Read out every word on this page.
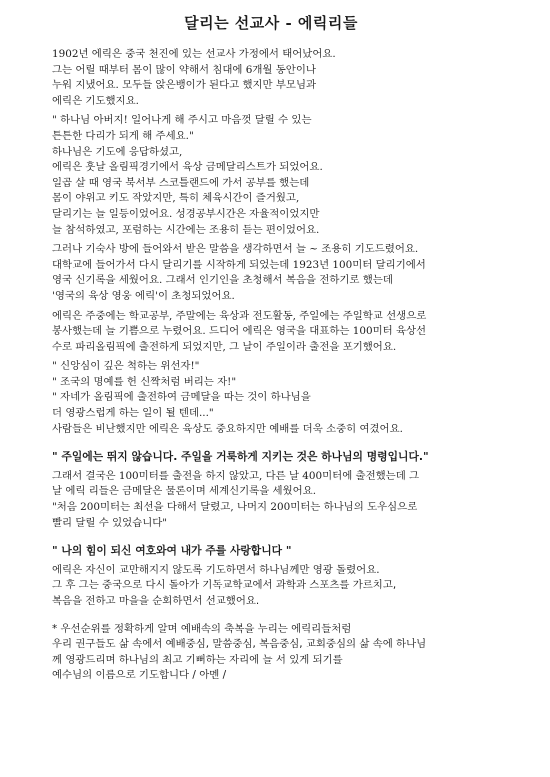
달리는 선교사 - 에릭리들
1902년 에릭은 중국 천진에 있는 선교사 가정에서 태어났어요.
그는 어릴 때부터 몸이 많이 약해서 침대에 6개월 동안이나
누워 지냈어요. 모두들 앉은뱅이가 된다고 했지만 부모님과
에릭은 기도했지요.
" 하나님 아버지! 일어나게 해 주시고 마음껏 달릴 수 있는
튼튼한 다리가 되게 해 주세요."
하나님은 기도에 응답하셨고,
에릭은 훗날 올림픽경기에서 육상 금메달리스트가 되었어요.
일곱 살 때 영국 북서부 스코틀랜드에 가서 공부를 했는데
몸이 야위고 키도 작았지만, 특히 체육시간이 즐거웠고,
달리기는 늘 일등이었어요. 성경공부시간은 자율적이었지만
늘 참석하였고, 포럼하는 시간에는 조용히 듣는 편이었어요.
그러나 기숙사 방에 들어와서 받은 말씀을 생각하면서 늘 ~ 조용히 기도드렸어요.
대학교에 들어가서 다시 달리기를 시작하게 되었는데 1923년 100미터 달리기에서
영국 신기록을 세웠어요. 그래서 인기인을 초청해서 복음을 전하기로 했는데
'영국의 육상 영웅 에릭'이 초청되었어요.
에릭은 주중에는 학교공부, 주말에는 육상과 전도활동, 주일에는 주일학교 선생으로
봉사했는데 늘 기쁨으로 누렸어요. 드디어 에릭은 영국을 대표하는 100미터 육상선
수로 파리올림픽에 출전하게 되었지만, 그 날이 주일이라 출전을 포기했어요.
" 신앙심이 깊은 척하는 위선자!"
" 조국의 명예를 헌 신짝처럼 버리는 자!"
" 자네가 올림픽에 출전하여 금메달을 따는 것이 하나님을
더 영광스럽게 하는 일이 될 텐데..."
사람들은 비난했지만 에릭은 육상도 중요하지만 예배를 더욱 소중히 여겼어요.
" 주일에는 뛰지 않습니다. 주일을 거룩하게 지키는 것은 하나님의 명령입니다."
그래서 결국은 100미터를 출전을 하지 않았고, 다른 날 400미터에 출전했는데 그
날 에릭 리들은 금메달은 물론이며 세계신기록을 세웠어요.
"처음 200미터는 최선을 다해서 달렸고, 나머지 200미터는 하나님의 도우심으로
빨리 달릴 수 있었습니다"
" 나의 힘이 되신 여호와여 내가 주를 사랑합니다 "
에릭은 자신이 교만해지지 않도록 기도하면서 하나님께만 영광 돌렸어요.
그 후 그는 중국으로 다시 돌아가 기독교학교에서 과학과 스포츠를 가르치고,
복음을 전하고 마을을 순회하면서 선교했어요.
* 우선순위를 정확하게 알며 예배속의 축복을 누리는 에릭리들처럼
우리 권구들도 삶 속에서 예배중심, 말씀중심, 복음중심, 교회중심의 삶 속에 하나님
께 영광드리며 하나님의 최고 기뻐하는 자리에 늘 서 있게 되기를
예수님의 이름으로 기도합니다 / 아멘 /
